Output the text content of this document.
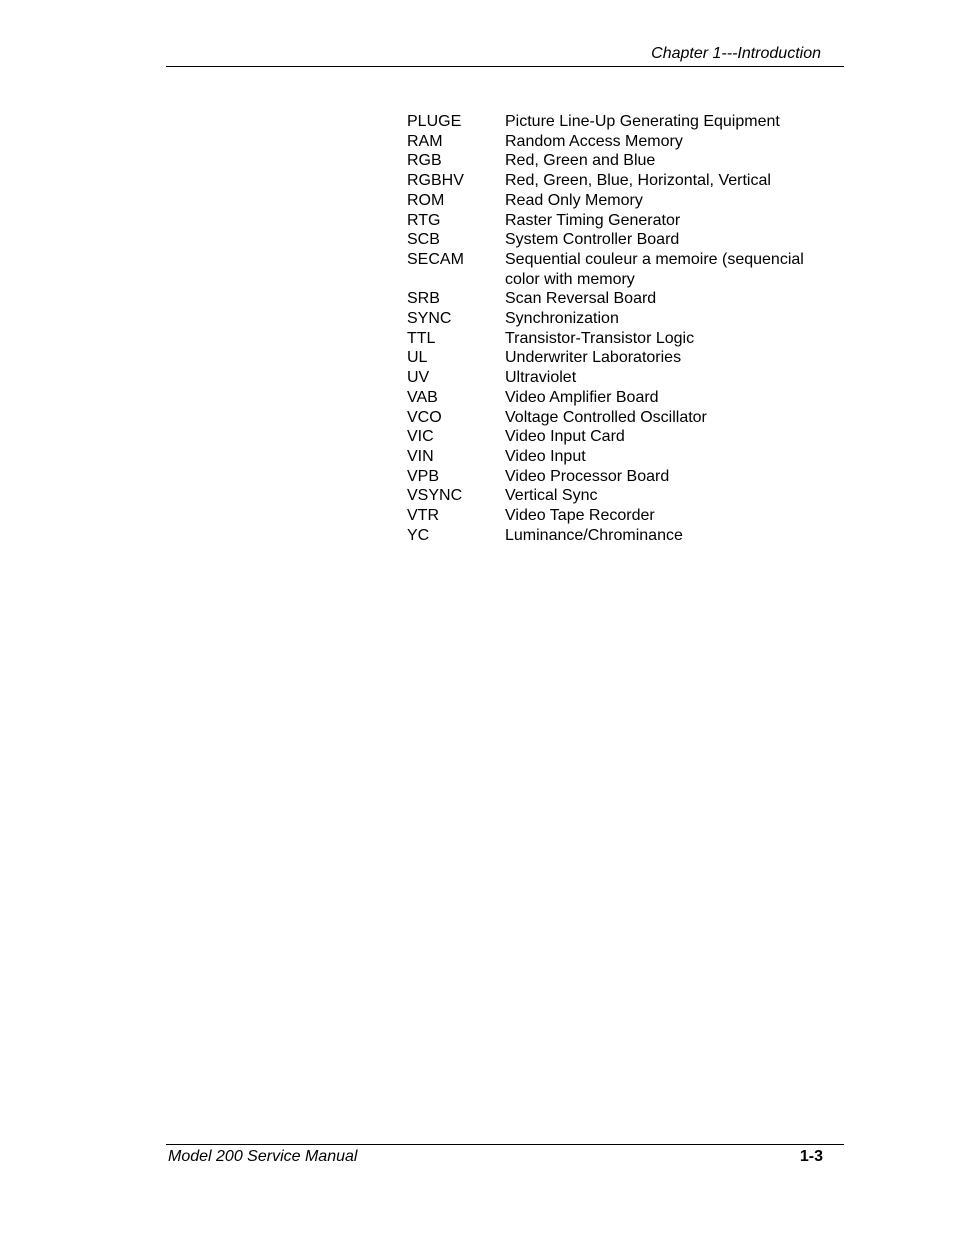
Chapter 1---Introduction
PLUGE	Picture Line-Up Generating Equipment
RAM	Random Access Memory
RGB	Red, Green and Blue
RGBHV	Red, Green, Blue, Horizontal, Vertical
ROM	Read Only Memory
RTG	Raster Timing Generator
SCB	System Controller Board
SECAM	Sequential couleur a memoire (sequencial color with memory
SRB	Scan Reversal Board
SYNC	Synchronization
TTL	Transistor-Transistor Logic
UL	Underwriter Laboratories
UV	Ultraviolet
VAB	Video Amplifier Board
VCO	Voltage Controlled Oscillator
VIC	Video Input Card
VIN	Video Input
VPB	Video Processor Board
VSYNC	Vertical Sync
VTR	Video Tape Recorder
YC	Luminance/Chrominance
Model 200 Service Manual	1-3
